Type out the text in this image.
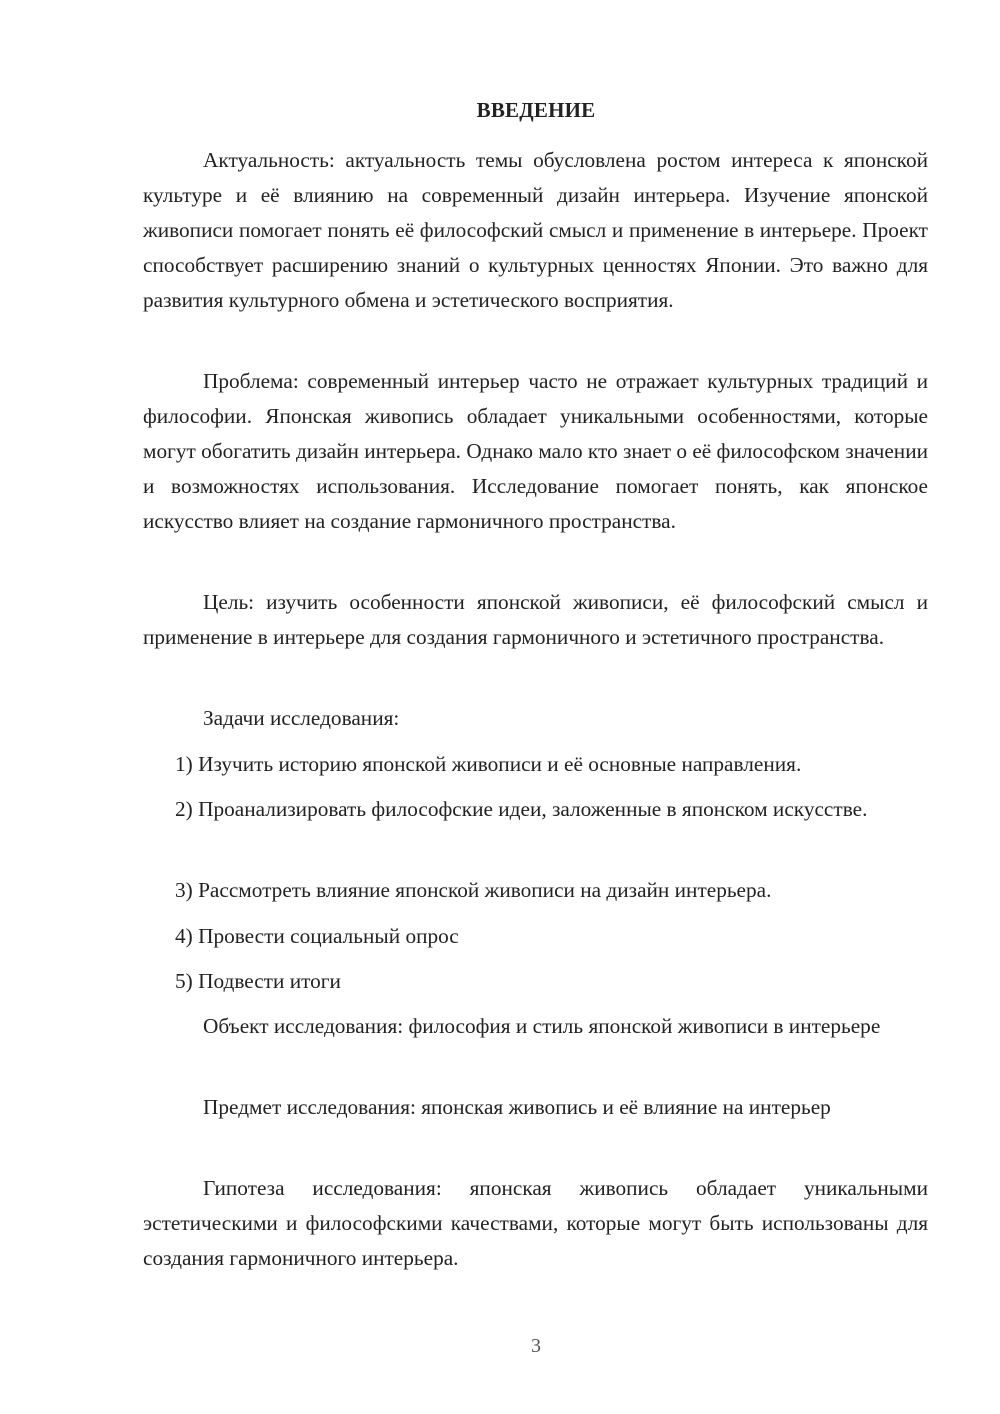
ВВЕДЕНИЕ

Актуальность: актуальность темы обусловлена ростом интереса к японской культуре и её влиянию на современный дизайн интерьера. Изучение японской живописи помогает понять её философский смысл и применение в интерьере. Проект способствует расширению знаний о культурных ценностях Японии. Это важно для развития культурного обмена и эстетического восприятия.

Проблема: современный интерьер часто не отражает культурных традиций и философии. Японская живопись обладает уникальными особенностями, которые могут обогатить дизайн интерьера. Однако мало кто знает о её философском значении и возможностях использования. Исследование помогает понять, как японское искусство влияет на создание гармоничного пространства.

Цель: изучить особенности японской живописи, её философский смысл и применение в интерьере для создания гармоничного и эстетичного пространства.

Задачи исследования:

1) Изучить историю японской живописи и её основные направления.

2) Проанализировать философские идеи, заложенные в японском искусстве.

3) Рассмотреть влияние японской живописи на дизайн интерьера.

4) Провести социальный опрос

5) Подвести итоги

Объект исследования: философия и стиль японской живописи в интерьере

Предмет исследования: японская живопись и её влияние на интерьер

Гипотеза исследования: японская живопись обладает уникальными эстетическими и философскими качествами, которые могут быть использованы для создания гармоничного интерьера.

3
